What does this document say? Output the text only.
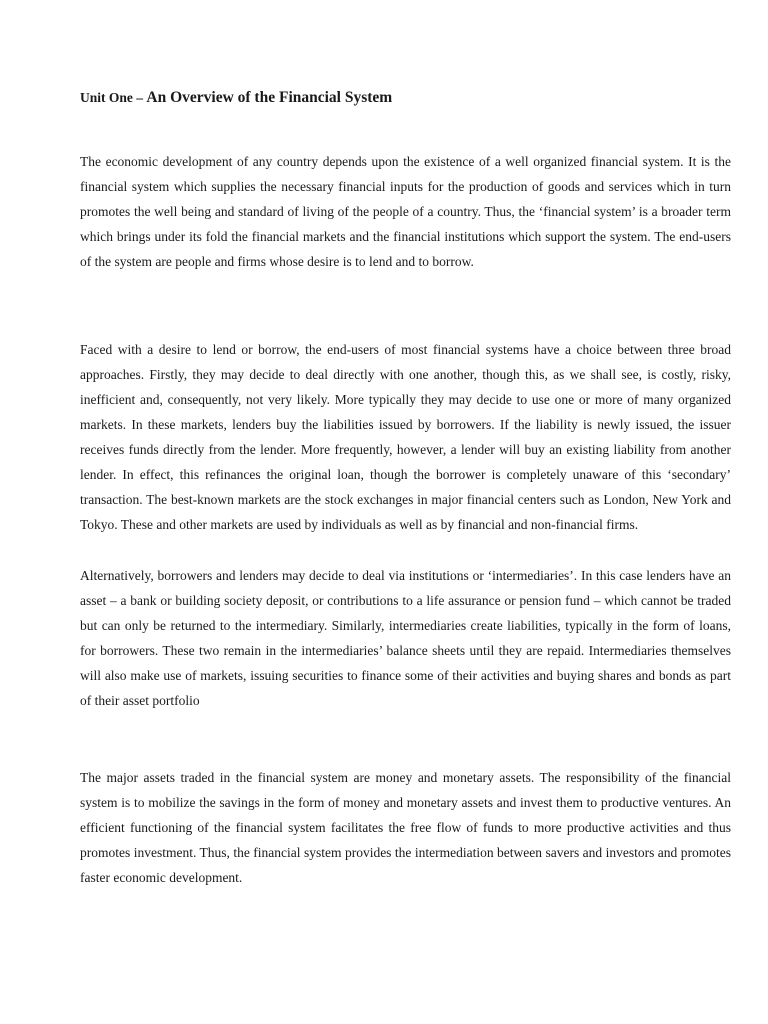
Unit One – An Overview of the Financial System

The economic development of any country depends upon the existence of a well organized financial system. It is the financial system which supplies the necessary financial inputs for the production of goods and services which in turn promotes the well being and standard of living of the people of a country. Thus, the ‘financial system’ is a broader term which brings under its fold the financial markets and the financial institutions which support the system. The end-users of the system are people and firms whose desire is to lend and to borrow.

Faced with a desire to lend or borrow, the end-users of most financial systems have a choice between three broad approaches. Firstly, they may decide to deal directly with one another, though this, as we shall see, is costly, risky, inefficient and, consequently, not very likely. More typically they may decide to use one or more of many organized markets. In these markets, lenders buy the liabilities issued by borrowers. If the liability is newly issued, the issuer receives funds directly from the lender. More frequently, however, a lender will buy an existing liability from another lender. In effect, this refinances the original loan, though the borrower is completely unaware of this ‘secondary’ transaction. The best-known markets are the stock exchanges in major financial centers such as London, New York and Tokyo. These and other markets are used by individuals as well as by financial and non-financial firms.

Alternatively, borrowers and lenders may decide to deal via institutions or ‘intermediaries’. In this case lenders have an asset – a bank or building society deposit, or contributions to a life assurance or pension fund – which cannot be traded but can only be returned to the intermediary. Similarly, intermediaries create liabilities, typically in the form of loans, for borrowers. These two remain in the intermediaries’ balance sheets until they are repaid. Intermediaries themselves will also make use of markets, issuing securities to finance some of their activities and buying shares and bonds as part of their asset portfolio

The major assets traded in the financial system are money and monetary assets. The responsibility of the financial system is to mobilize the savings in the form of money and monetary assets and invest them to productive ventures. An efficient functioning of the financial system facilitates the free flow of funds to more productive activities and thus promotes investment. Thus, the financial system provides the intermediation between savers and investors and promotes faster economic development.
